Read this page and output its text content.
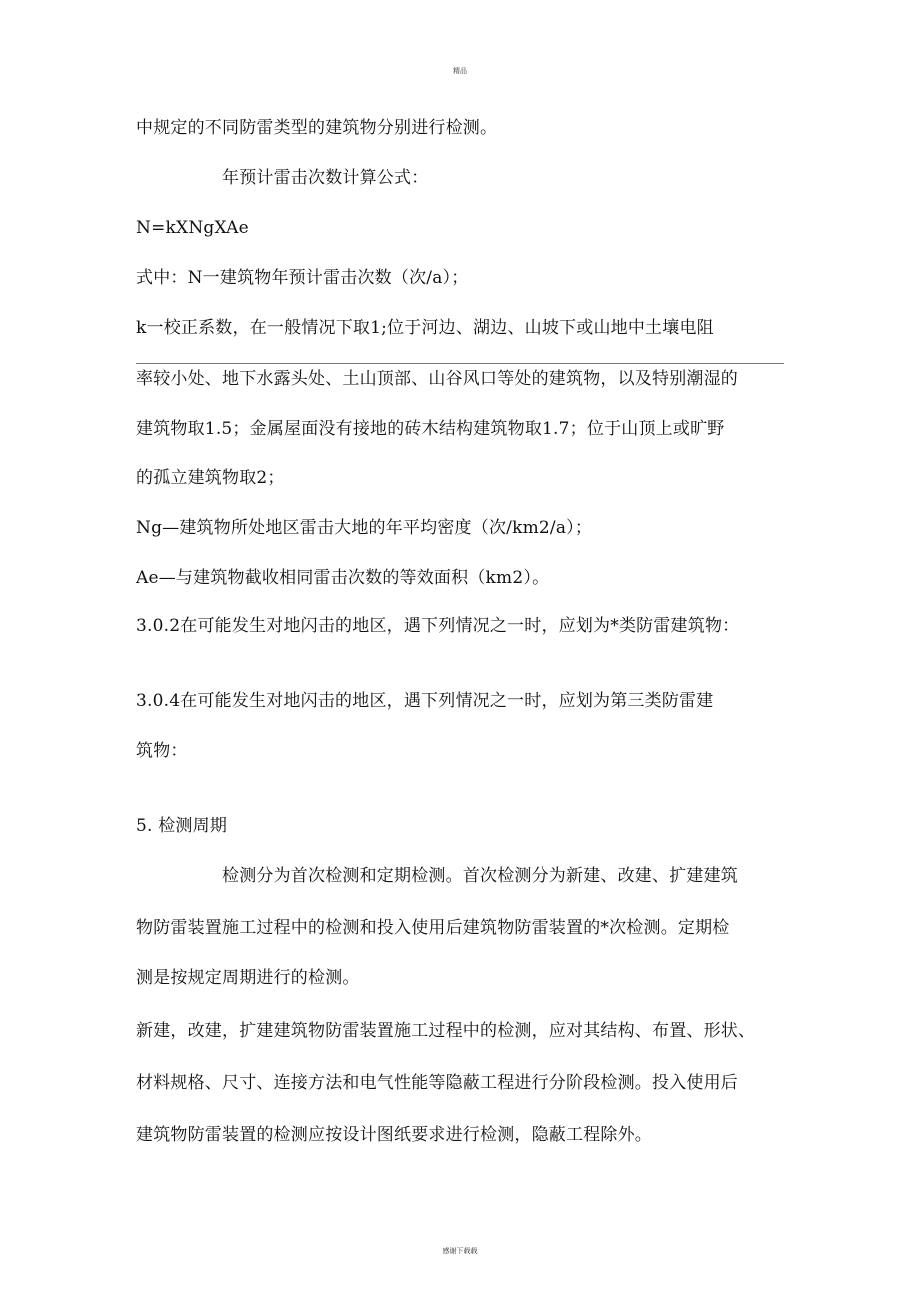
精品
中规定的不同防雷类型的建筑物分别进行检测。
年预计雷击次数计算公式：
N=kXNgXAe
式中：N一建筑物年预计雷击次数（次/a）；
k一校正系数，在一般情况下取1;位于河边、湖边、山坡下或山地中土壤电阻
率较小处、地下水露头处、土山顶部、山谷风口等处的建筑物，以及特别潮湿的
建筑物取1.5；金属屋面没有接地的砖木结构建筑物取1.7；位于山顶上或旷野
的孤立建筑物取2；
Ng—建筑物所处地区雷击大地的年平均密度（次/km2/a）；
Ae—与建筑物截收相同雷击次数的等效面积（km2）。
3.0.2在可能发生对地闪击的地区，遇下列情况之一时，应划为*类防雷建筑物：
3.0.4在可能发生对地闪击的地区，遇下列情况之一时，应划为第三类防雷建
筑物：
5. 检测周期
检测分为首次检测和定期检测。首次检测分为新建、改建、扩建建筑
物防雷装置施工过程中的检测和投入使用后建筑物防雷装置的*次检测。定期检
测是按规定周期进行的检测。
新建，改建，扩建建筑物防雷装置施工过程中的检测，应对其结构、布置、形状、
材料规格、尺寸、连接方法和电气性能等隐蔽工程进行分阶段检测。投入使用后
建筑物防雷装置的检测应按设计图纸要求进行检测，隐蔽工程除外。
感谢下载载
